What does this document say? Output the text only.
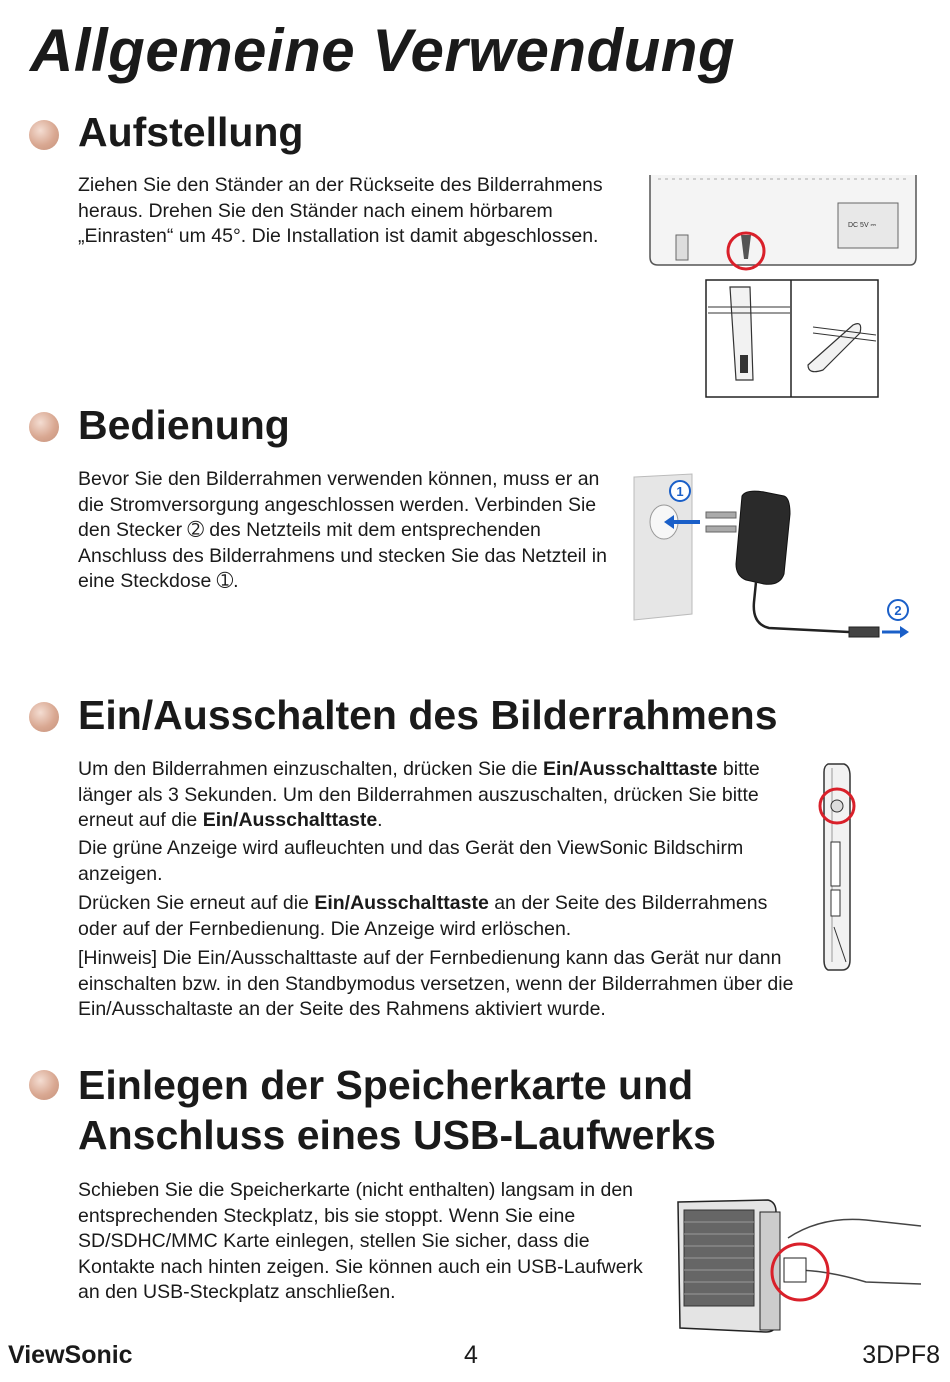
Allgemeine Verwendung
Aufstellung

Ziehen Sie den Ständer an der Rückseite des Bilderrahmens heraus. Drehen Sie den Ständer nach einem hörbarem „Einrasten“ um 45°. Die Installation ist damit abgeschlossen.	DC 5V ⎓
Bedienung

Bevor Sie den Bilderrahmen verwenden können, muss er an die Stromversorgung angeschlossen werden. Verbinden Sie den Stecker ➁ des Netzteils mit dem entsprechenden Anschluss des Bilderrahmens und stecken Sie das Netzteil in eine Steckdose ➀.

1
2
Ein/Ausschalten des Bilderrahmens

Um den Bilderrahmen einzuschalten, drücken Sie die Ein/Ausschalttaste bitte länger als 3 Sekunden. Um den Bilderrahmen auszuschalten, drücken Sie bitte erneut auf die Ein/Ausschalttaste.

Die grüne Anzeige wird aufleuchten und das Gerät den ViewSonic Bildschirm anzeigen.

Drücken Sie erneut auf die Ein/Ausschalttaste an der Seite des Bilderrahmens oder auf der Fernbedienung. Die Anzeige wird erlöschen.

[Hinweis] Die Ein/Ausschalttaste auf der Fernbedienung kann das Gerät nur dann einschalten bzw. in den Standbymodus versetzen, wenn der Bilderrahmen über die Ein/Ausschaltaste an der Seite des Rahmens aktiviert wurde.

Einlegen der Speicherkarte und
Anschluss eines USB-Laufwerks

Schieben Sie die Speicherkarte (nicht enthalten) langsam in den entsprechenden Steckplatz, bis sie stoppt. Wenn Sie eine SD/SDHC/MMC Karte einlegen, stellen Sie sicher, dass die Kontakte nach hinten zeigen. Sie können auch ein USB-Laufwerk an den USB-Steckplatz anschließen.

ViewSonic	4	3DPF8
